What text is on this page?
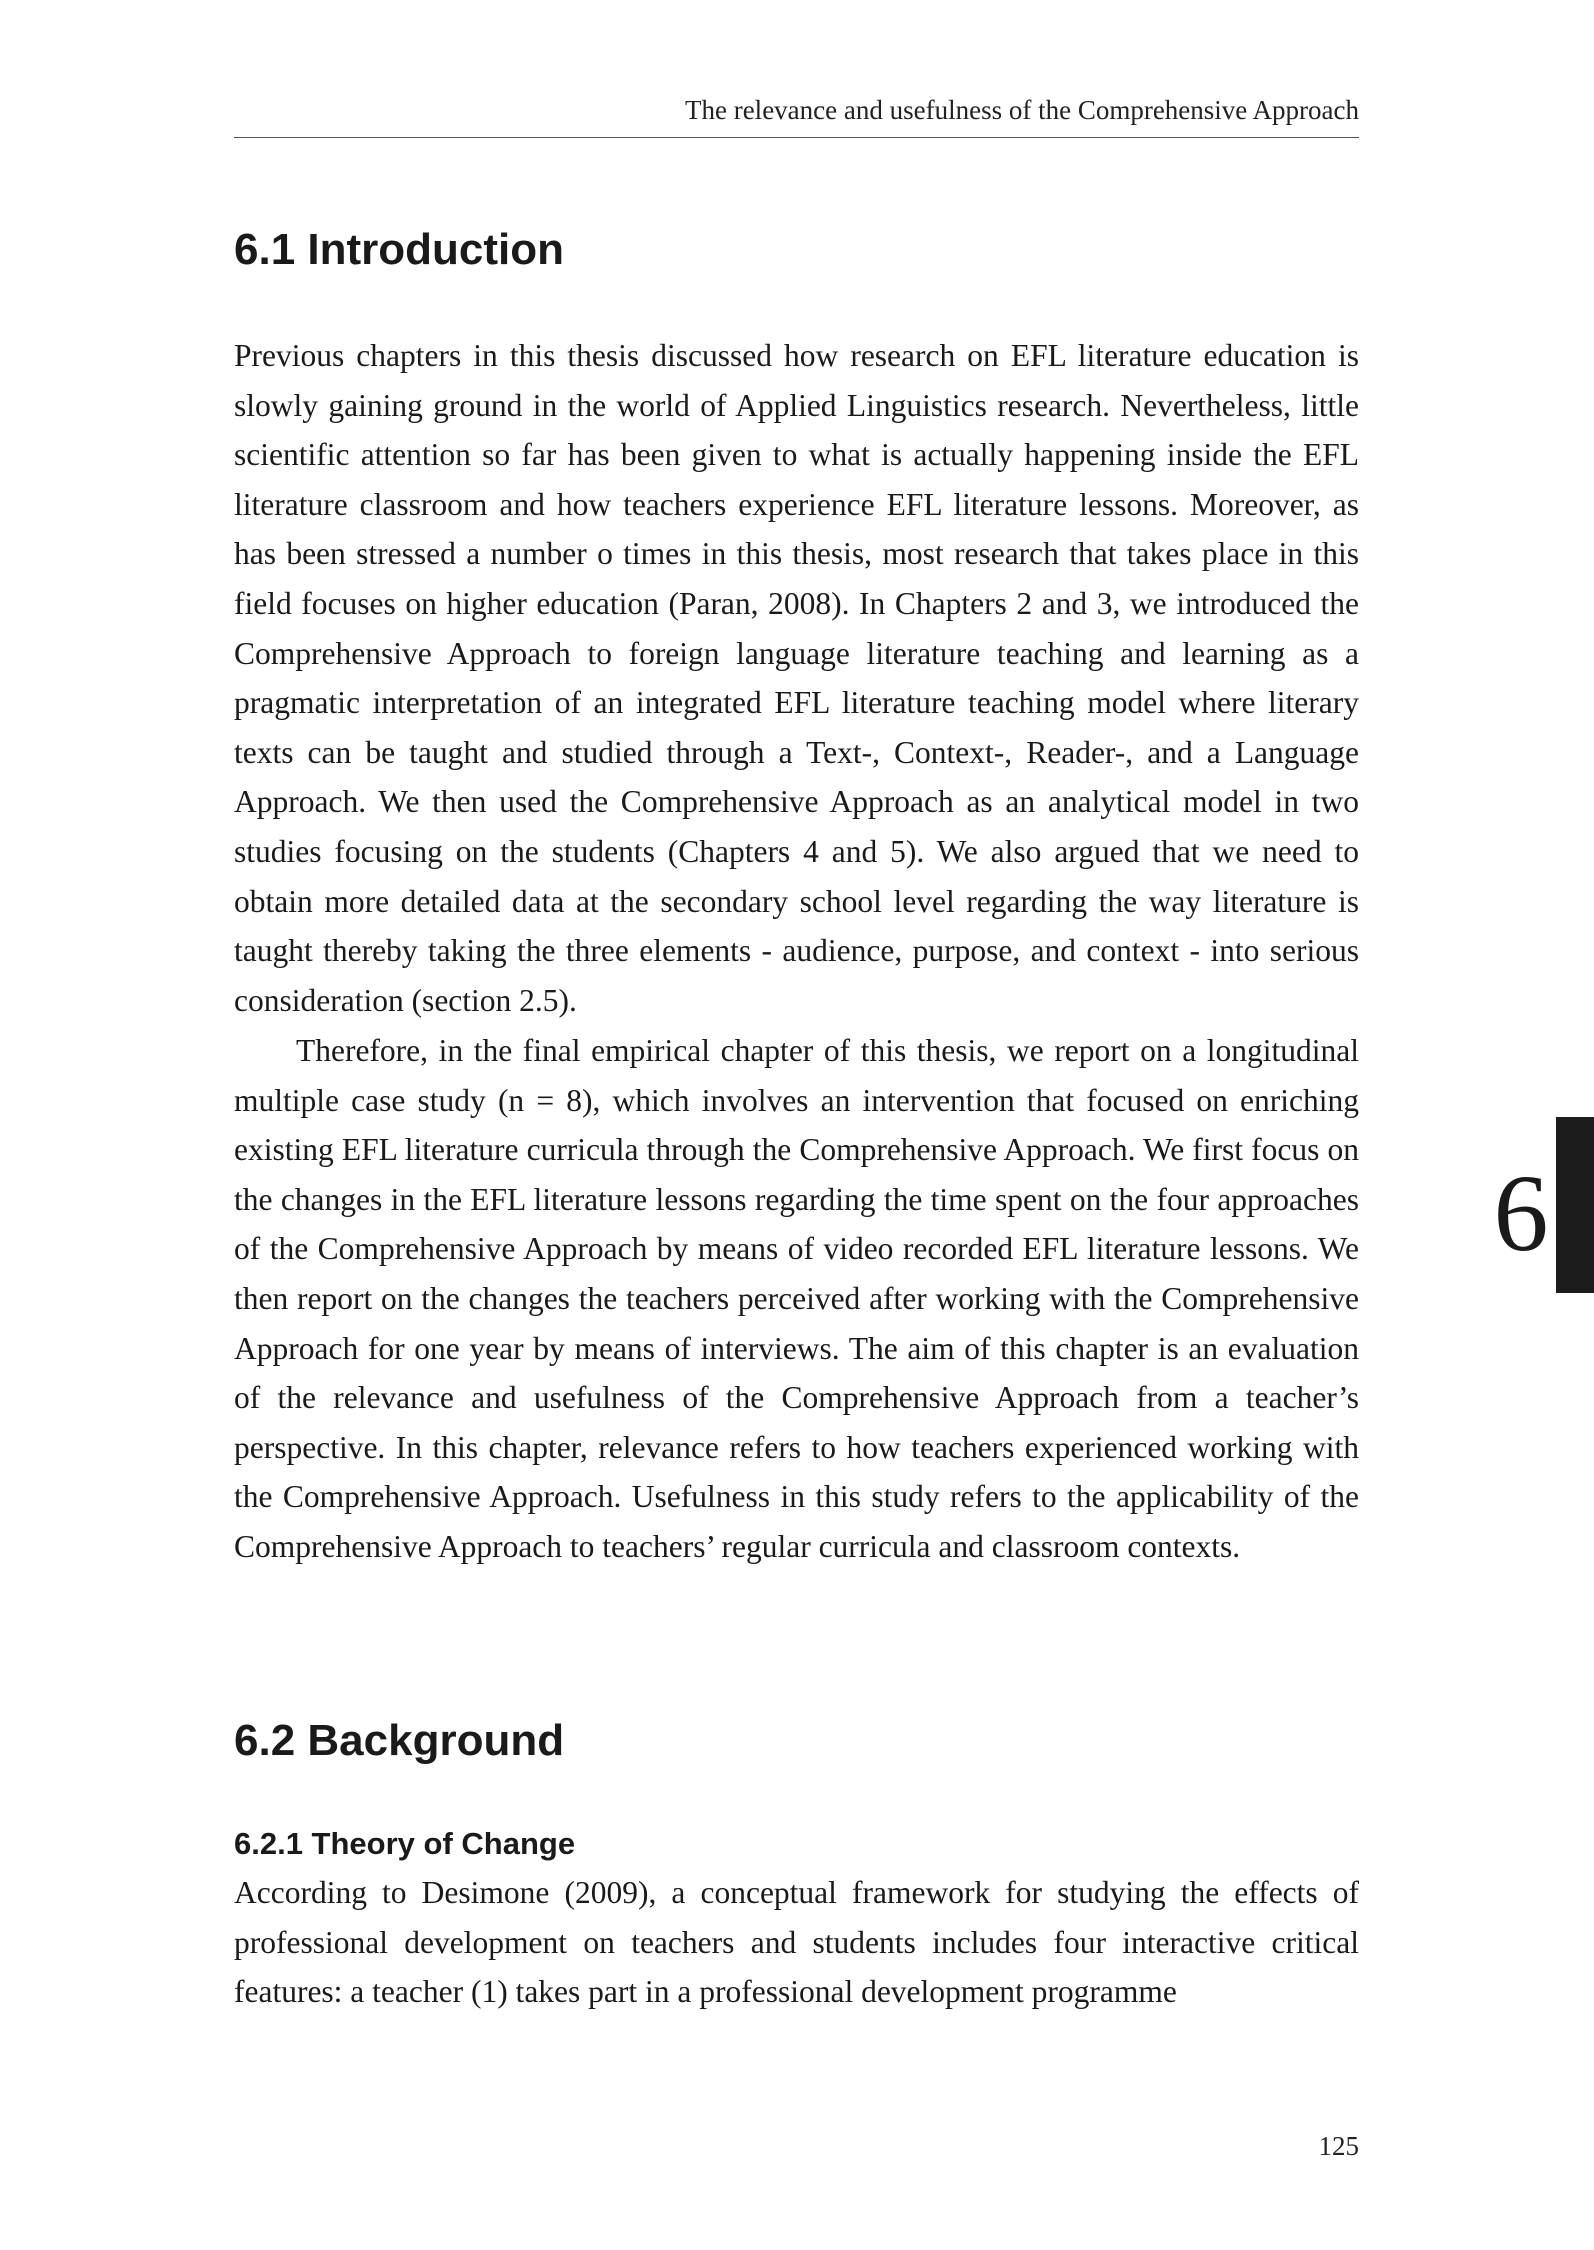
The relevance and usefulness of the Comprehensive Approach
6.1 Introduction

Previous chapters in this thesis discussed how research on EFL literature education is slowly gaining ground in the world of Applied Linguistics research. Nevertheless, little scientific attention so far has been given to what is actually happening inside the EFL literature classroom and how teachers experience EFL literature lessons. Moreover, as has been stressed a number o times in this thesis, most research that takes place in this field focuses on higher education (Paran, 2008). In Chapters 2 and 3, we introduced the Comprehensive Approach to foreign language literature teaching and learning as a pragmatic interpretation of an integrated EFL literature teaching model where literary texts can be taught and studied through a Text-, Context-, Reader-, and a Language Approach. We then used the Comprehensive Approach as an analytical model in two studies focusing on the students (Chapters 4 and 5). We also argued that we need to obtain more detailed data at the secondary school level regarding the way literature is taught thereby taking the three elements - audience, purpose, and context - into serious consideration (section 2.5).

Therefore, in the final empirical chapter of this thesis, we report on a longitudinal multiple case study (n = 8), which involves an intervention that focused on enriching existing EFL literature curricula through the Comprehensive Approach. We first focus on the changes in the EFL literature lessons regarding the time spent on the four approaches of the Comprehensive Approach by means of video recorded EFL literature lessons. We then report on the changes the teachers perceived after working with the Comprehensive Approach for one year by means of interviews. The aim of this chapter is an evaluation of the relevance and usefulness of the Comprehensive Approach from a teacher’s perspective. In this chapter, relevance refers to how teachers experienced working with the Comprehensive Approach. Usefulness in this study refers to the applicability of the Comprehensive Approach to teachers’ regular curricula and classroom contexts.

6.2 Background
6.2.1 Theory of Change

According to Desimone (2009), a conceptual framework for studying the effects of professional development on teachers and students includes four interactive critical features: a teacher (1) takes part in a professional development programme

6
125
